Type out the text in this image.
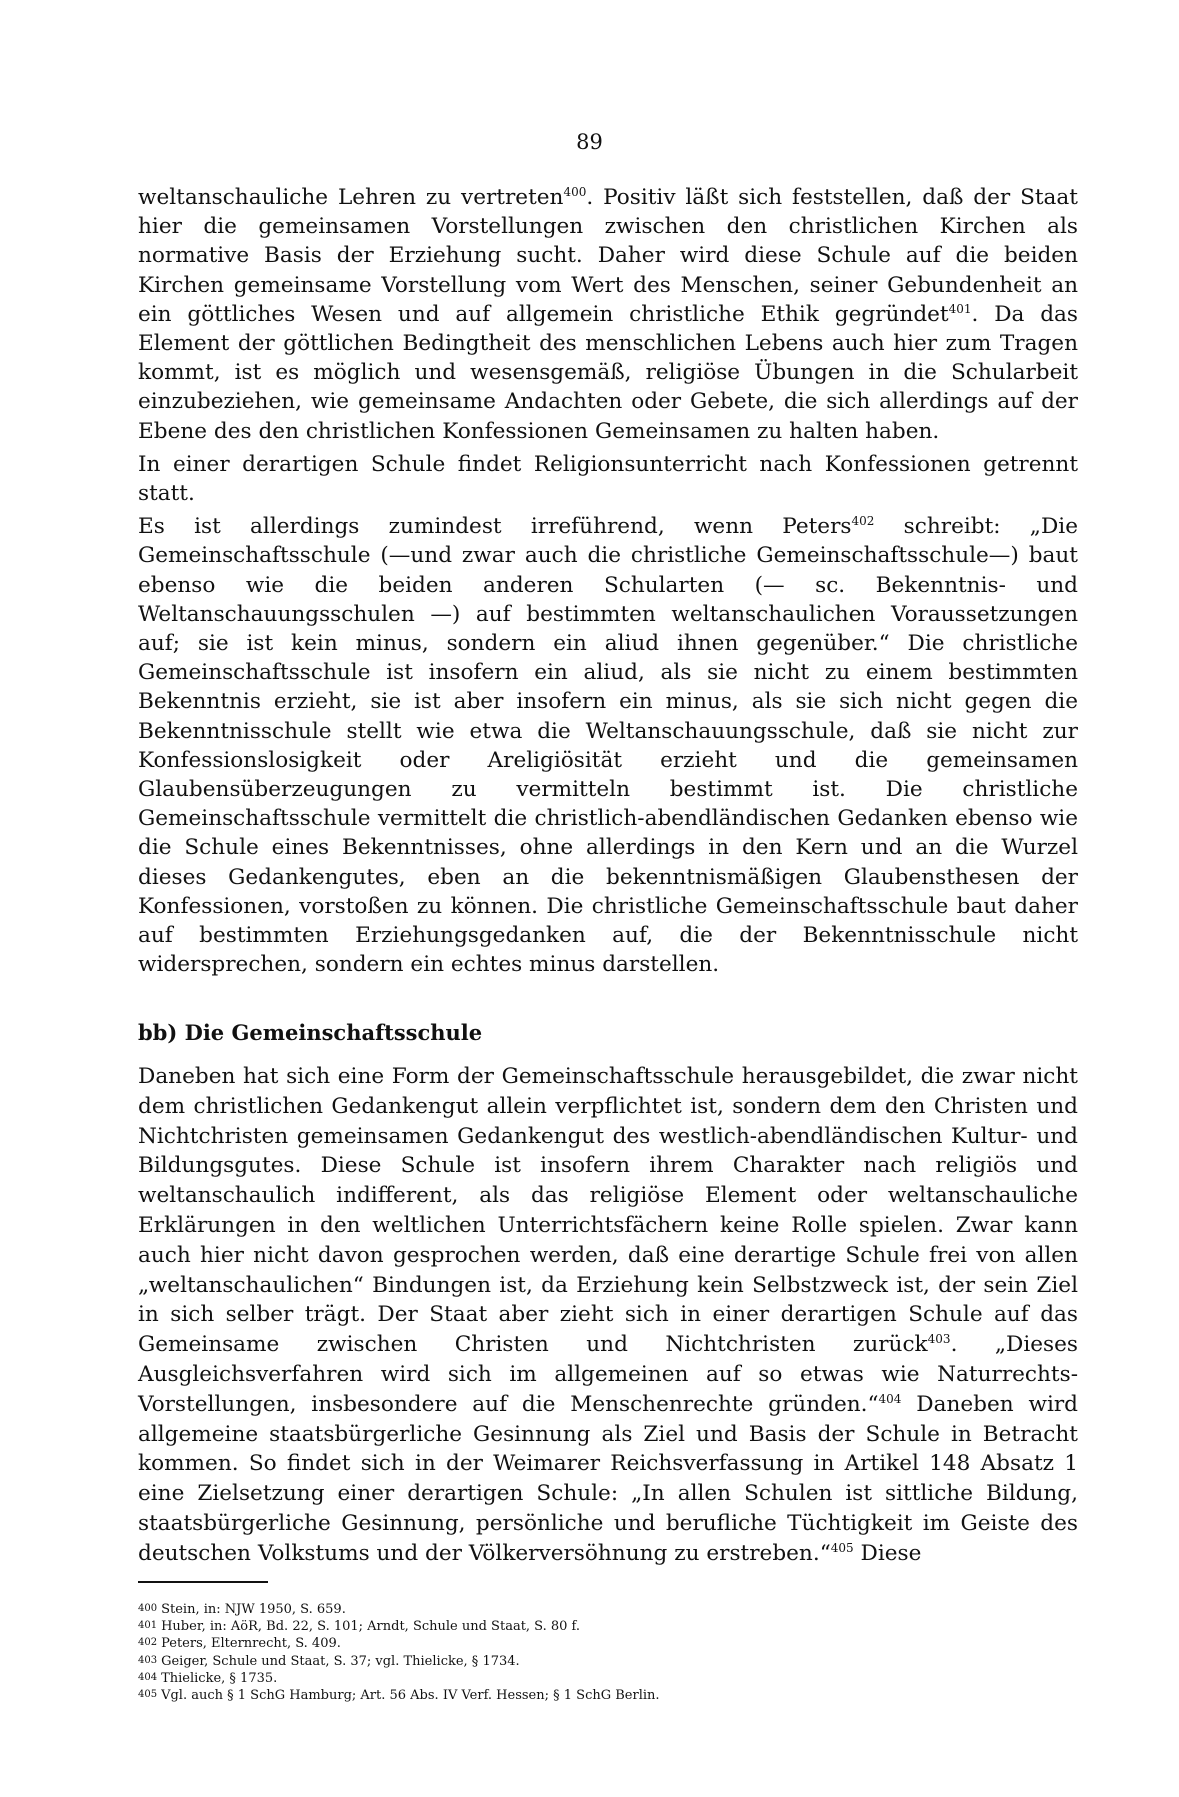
89

weltanschauliche Lehren zu vertreten$^{400}$. Positiv läßt sich feststellen, daß der Staat hier die gemeinsamen Vorstellungen zwischen den christlichen Kirchen als normative Basis der Erziehung sucht. Daher wird diese Schule auf die beiden Kirchen gemeinsame Vorstellung vom Wert des Menschen, seiner Gebundenheit an ein göttliches Wesen und auf allgemein christliche Ethik gegründet$^{401}$. Da das Element der göttlichen Bedingtheit des menschlichen Lebens auch hier zum Tragen kommt, ist es möglich und wesensgemäß, religiöse Übungen in die Schularbeit einzubeziehen, wie gemeinsame Andachten oder Gebete, die sich allerdings auf der Ebene des den christlichen Konfessionen Gemeinsamen zu halten haben.

In einer derartigen Schule findet Religionsunterricht nach Konfessionen getrennt statt.

Es ist allerdings zumindest irreführend, wenn Peters$^{402}$ schreibt: „Die Gemeinschaftsschule (—und zwar auch die christliche Gemeinschaftsschule—) baut ebenso wie die beiden anderen Schularten (— sc. Bekenntnis- und Weltanschauungsschulen —) auf bestimmten weltanschaulichen Voraussetzungen auf; sie ist kein minus, sondern ein aliud ihnen gegenüber.“ Die christliche Gemeinschaftsschule ist insofern ein aliud, als sie nicht zu einem bestimmten Bekenntnis erzieht, sie ist aber insofern ein minus, als sie sich nicht gegen die Bekenntnisschule stellt wie etwa die Weltanschauungsschule, daß sie nicht zur Konfessionslosigkeit oder Areligiösität erzieht und die gemeinsamen Glaubensüberzeugungen zu vermitteln bestimmt ist. Die christliche Gemeinschaftsschule vermittelt die christlich-abendländischen Gedanken ebenso wie die Schule eines Bekenntnisses, ohne allerdings in den Kern und an die Wurzel dieses Gedankengutes, eben an die bekenntnismäßigen Glaubensthesen der Konfessionen, vorstoßen zu können. Die christliche Gemeinschaftsschule baut daher auf bestimmten Erziehungsgedanken auf, die der Bekenntnisschule nicht widersprechen, sondern ein echtes minus darstellen.

bb) Die Gemeinschaftsschule

Daneben hat sich eine Form der Gemeinschaftsschule herausgebildet, die zwar nicht dem christlichen Gedankengut allein verpflichtet ist, sondern dem den Christen und Nichtchristen gemeinsamen Gedankengut des westlich-abendländischen Kultur- und Bildungsgutes. Diese Schule ist insofern ihrem Charakter nach religiös und weltanschaulich indifferent, als das religiöse Element oder weltanschauliche Erklärungen in den weltlichen Unterrichtsfächern keine Rolle spielen. Zwar kann auch hier nicht davon gesprochen werden, daß eine derartige Schule frei von allen „weltanschaulichen“ Bindungen ist, da Erziehung kein Selbstzweck ist, der sein Ziel in sich selber trägt. Der Staat aber zieht sich in einer derartigen Schule auf das Gemeinsame zwischen Christen und Nichtchristen zurück$^{403}$. „Dieses Ausgleichsverfahren wird sich im allgemeinen auf so etwas wie Naturrechts-Vorstellungen, insbesondere auf die Menschenrechte gründen.“$^{404}$ Daneben wird allgemeine staatsbürgerliche Gesinnung als Ziel und Basis der Schule in Betracht kommen. So findet sich in der Weimarer Reichsverfassung in Artikel 148 Absatz 1 eine Zielsetzung einer derartigen Schule: „In allen Schulen ist sittliche Bildung, staatsbürgerliche Gesinnung, persönliche und berufliche Tüchtigkeit im Geiste des deutschen Volkstums und der Völkerversöhnung zu erstreben.“$^{405}$ Diese

400 Stein, in: NJW 1950, S. 659.
401 Huber, in: AöR, Bd. 22, S. 101; Arndt, Schule und Staat, S. 80 f.
402 Peters, Elternrecht, S. 409.
403 Geiger, Schule und Staat, S. 37; vgl. Thielicke, § 1734.
404 Thielicke, § 1735.
405 Vgl. auch § 1 SchG Hamburg; Art. 56 Abs. IV Verf. Hessen; § 1 SchG Berlin.
